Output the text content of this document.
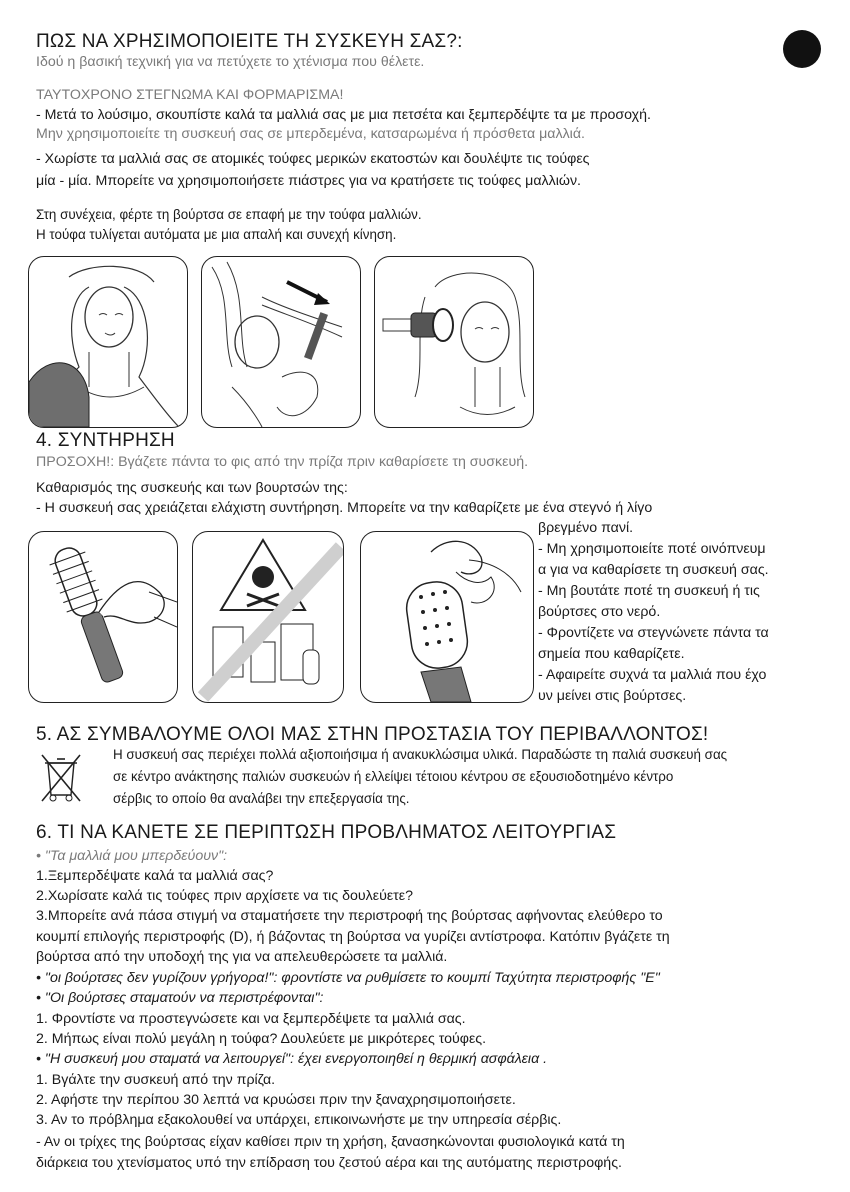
ΠΩΣ ΝΑ ΧΡΗΣΙΜΟΠΟΙΕΙΤΕ ΤΗ ΣΥΣΚΕΥΗ ΣΑΣ?:
Ιδού η βασική τεχνική για να πετύχετε το χτένισμα που θέλετε.
ΤΑΥΤΟΧΡΟΝΟ ΣΤΕΓΝΩΜΑ ΚΑΙ ΦΟΡΜΑΡΙΣΜΑ!
- Μετά το λούσιμο, σκουπίστε καλά τα μαλλιά σας με μια πετσέτα και ξεμπερδέψτε τα με προσοχή.
Μην χρησιμοποιείτε τη συσκευή σας σε μπερδεμένα, κατσαρωμένα ή πρόσθετα μαλλιά.
- Χωρίστε τα μαλλιά σας σε ατομικές τούφες μερικών εκατοστών και δουλέψτε τις τούφες
μία - μία. Μπορείτε να χρησιμοποιήσετε πιάστρες για να κρατήσετε τις τούφες μαλλιών.
Στη συνέχεια, φέρτε τη βούρτσα σε επαφή με την τούφα μαλλιών.
Η τούφα τυλίγεται αυτόματα με μια απαλή και συνεχή κίνηση.
4. ΣΥΝΤΗΡΗΣΗ
ΠΡΟΣΟΧΗ!: Βγάζετε πάντα το φις από την πρίζα πριν καθαρίσετε τη συσκευή.
Καθαρισμός της συσκευής και των βουρτσών της:
- Η συσκευή σας χρειάζεται ελάχιστη συντήρηση. Μπορείτε να την καθαρίζετε με ένα στεγνό ή λίγο
βρεγμένο πανί.
- Μη χρησιμοποιείτε ποτέ οινόπνευμ
α για να καθαρίσετε τη συσκευή σας.
- Μη βουτάτε ποτέ τη συσκευή ή τις
βούρτσες στο νερό.
- Φροντίζετε να στεγνώνετε πάντα τα
σημεία που καθαρίζετε.
- Αφαιρείτε συχνά τα μαλλιά που έχο
υν μείνει στις βούρτσες.
5. ΑΣ ΣΥΜΒΑΛΟΥΜΕ ΟΛΟΙ ΜΑΣ ΣΤΗΝ ΠΡΟΣΤΑΣΙΑ ΤΟΥ ΠΕΡΙΒΑΛΛΟΝΤΟΣ!
Η συσκευή σας περιέχει πολλά αξιοποιήσιμα ή ανακυκλώσιμα υλικά. Παραδώστε τη παλιά συσκευή σας
σε κέντρο ανάκτησης παλιών συσκευών ή ελλείψει τέτοιου κέντρου σε εξουσιοδοτημένο κέντρο
σέρβις το οποίο θα αναλάβει την επεξεργασία της.
6. ΤΙ ΝΑ ΚΑΝΕΤΕ ΣΕ ΠΕΡΙΠΤΩΣΗ ΠΡΟΒΛΗΜΑΤΟΣ ΛΕΙΤΟΥΡΓΙΑΣ
• "Τα μαλλιά μου μπερδεύουν":
1.Ξεμπερδέψατε καλά τα μαλλιά σας?
2.Χωρίσατε καλά τις τούφες πριν αρχίσετε να τις δουλεύετε?
3.Μπορείτε ανά πάσα στιγμή να σταματήσετε την περιστροφή της βούρτσας αφήνοντας ελεύθερο το
κουμπί επιλογής περιστροφής (D), ή βάζοντας τη βούρτσα να γυρίζει αντίστροφα. Κατόπιν βγάζετε τη
βούρτσα από την υποδοχή της για να απελευθερώσετε τα μαλλιά.
• "οι βούρτσες δεν γυρίζουν γρήγορα!": φροντίστε να ρυθμίσετε το κουμπί Ταχύτητα περιστροφής "E"
• "Οι βούρτσες σταματούν να περιστρέφονται":
1. Φροντίστε να προστεγνώσετε και να ξεμπερδέψετε τα μαλλιά σας.
2. Μήπως είναι πολύ μεγάλη η τούφα? Δουλεύετε με μικρότερες τούφες.
• "Η συσκευή μου σταματά να λειτουργεί": έχει ενεργοποιηθεί η θερμική ασφάλεια .
1. Βγάλτε την συσκευή από την πρίζα.
2. Αφήστε την περίπου 30 λεπτά να κρυώσει πριν την ξαναχρησιμοποιήσετε.
3. Αν το πρόβλημα εξακολουθεί να υπάρχει, επικοινωνήστε με την υπηρεσία σέρβις.
- Αν οι τρίχες της βούρτσας είχαν καθίσει πριν τη χρήση, ξανασηκώνονται φυσιολογικά κατά τη
διάρκεια του χτενίσματος υπό την επίδραση του ζεστού αέρα και της αυτόματης περιστροφής.
